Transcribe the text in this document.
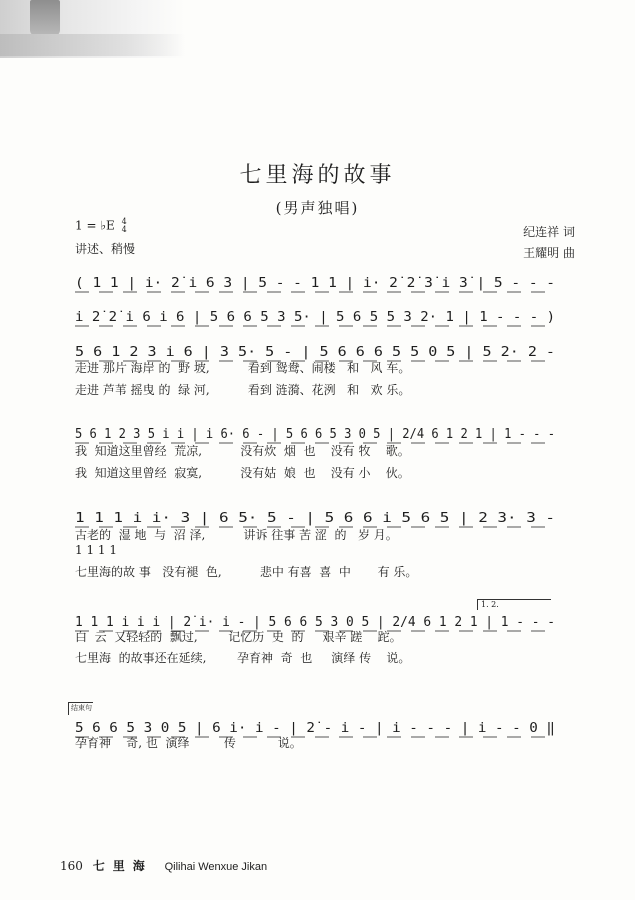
七里海的故事
(男声独唱)
1 = ♭E 4
4
讲述、稍慢
纪连祥 词
王耀明 曲
( 1 1 | i· 2̇ i 6 3 | 5 - - 1 1 | i· 2̇ 2̇ 3̇ i 3̇ | 5 - - -
i 2̇ 2̇ i 6 i 6 | 5 6 6 5 3 5· | 5 6 5 5 3 2· 1 | 1 - - - )
5 6 1 2 3 i 6 | 3 5· 5 - | 5 6 6 6 5 5 0 5 | 5 2· 2 -
5 6 1 2 3 5 i i | i 6· 6 - | 5 6 6 5 3 0 5 | 2/4 6 1 2 1 | 1 - - -
1 1 1 i i· 3 | 6 5· 5 - | 5 6 6 i 5 6 5 | 2 3· 3 -
1 1 1 i i i | 2̇ i· i - | 5 6 6 5 3 0 5 | 2/4 6 1 2 1 | 1 - - -
5 6 6 5 3 0 5 | 6 i· i - | 2̇ - i - | i - - - | i - - 0 ‖
1. 2.
结束句
走进 那片 海岸 的  野 坡,          看到 鸳鸯、闹楼   和   风 车。
走进 芦苇 摇曳 的  绿 河,          看到 涟漪、花洌   和   欢 乐。
我  知道这里曾经  荒凉,          没有炊  烟  也    没有 牧    歌。
我  知道这里曾经  寂寞,          没有姑  娘  也    没有 小    伙。
古老的  湿 地  与  沼 泽,          讲诉 往事 苦 涩  的   岁 月。
1 1 1 1
七里海的故 事   没有褪  色,          悲中 有喜  喜  中       有 乐。
白  云  又轻轻的  飘过,        记忆历  史  的     艰辛 蹉    跎。
七里海  的故事还在延续,        孕育神  奇  也     演绎 传    说。
孕育神    奇, 也  演绎         传           说。
160 七里海 Qilihai Wenxue Jikan
